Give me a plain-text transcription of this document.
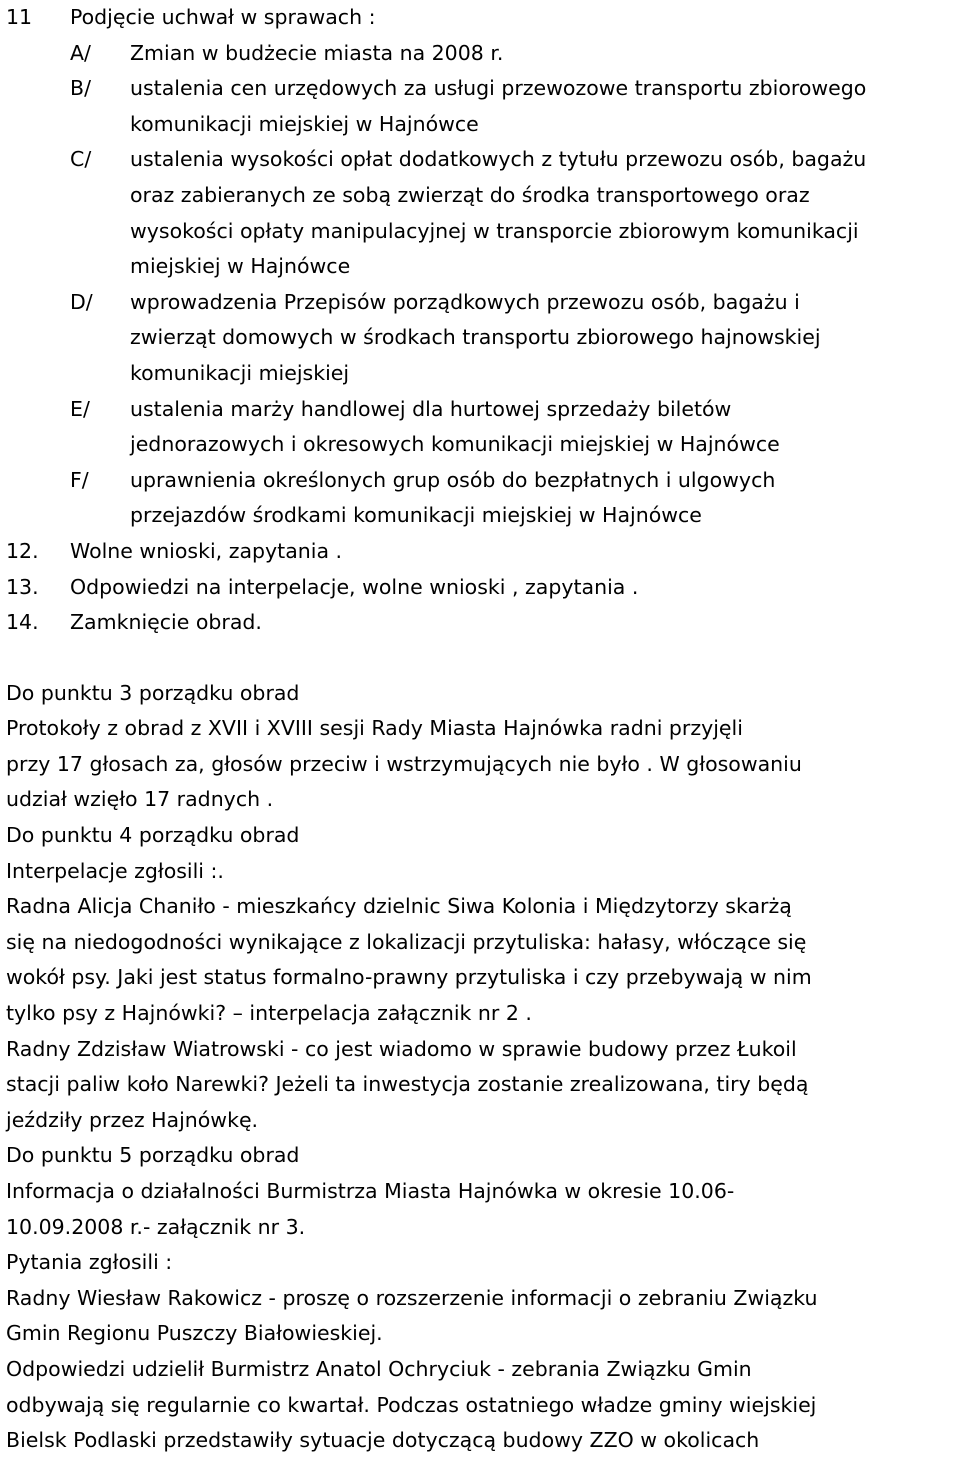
11	Podjęcie uchwał w sprawach :
A/	Zmian w budżecie miasta na 2008 r.
B/	ustalenia cen urzędowych za usługi przewozowe transportu zbiorowego
komunikacji miejskiej w Hajnówce
C/	ustalenia wysokości opłat dodatkowych z tytułu przewozu osób, bagażu
oraz zabieranych ze sobą zwierząt do środka transportowego oraz
wysokości opłaty manipulacyjnej w transporcie zbiorowym komunikacji
miejskiej w Hajnówce
D/	wprowadzenia Przepisów porządkowych przewozu osób, bagażu i
zwierząt domowych w środkach transportu zbiorowego hajnowskiej
komunikacji miejskiej
E/	ustalenia marży handlowej dla hurtowej sprzedaży biletów
jednorazowych i okresowych komunikacji miejskiej w Hajnówce
F/	uprawnienia określonych grup osób do bezpłatnych i ulgowych
przejazdów środkami komunikacji miejskiej w Hajnówce
12.	Wolne wnioski, zapytania .
13.	Odpowiedzi na interpelacje, wolne wnioski , zapytania .
14.	Zamknięcie obrad.
Do punktu 3 porządku obrad
Protokoły z obrad z XVII i XVIII sesji Rady Miasta Hajnówka radni przyjęli
przy 17 głosach za, głosów przeciw i wstrzymujących nie było . W głosowaniu
udział wzięło 17 radnych .
Do punktu 4 porządku obrad
Interpelacje zgłosili :.
Radna Alicja Chaniło - mieszkańcy dzielnic Siwa Kolonia i Międzytorzy skarżą
się na niedogodności wynikające z lokalizacji przytuliska: hałasy, włóczące się
wokół psy. Jaki jest status formalno-prawny przytuliska i czy przebywają w nim
tylko psy z Hajnówki? – interpelacja załącznik nr 2 .
Radny Zdzisław Wiatrowski - co jest wiadomo w sprawie budowy przez Łukoil
stacji paliw koło Narewki? Jeżeli ta inwestycja zostanie zrealizowana, tiry będą
jeździły przez Hajnówkę.
Do punktu 5 porządku obrad
Informacja o działalności Burmistrza Miasta Hajnówka w okresie 10.06-
10.09.2008 r.- załącznik nr 3.
Pytania zgłosili :
Radny Wiesław Rakowicz - proszę o rozszerzenie informacji o zebraniu Związku
Gmin Regionu Puszczy Białowieskiej.
Odpowiedzi udzielił Burmistrz Anatol Ochryciuk - zebrania Związku Gmin
odbywają się regularnie co kwartał. Podczas ostatniego władze gminy wiejskiej
Bielsk Podlaski przedstawiły sytuacje dotyczącą budowy ZZO w okolicach
